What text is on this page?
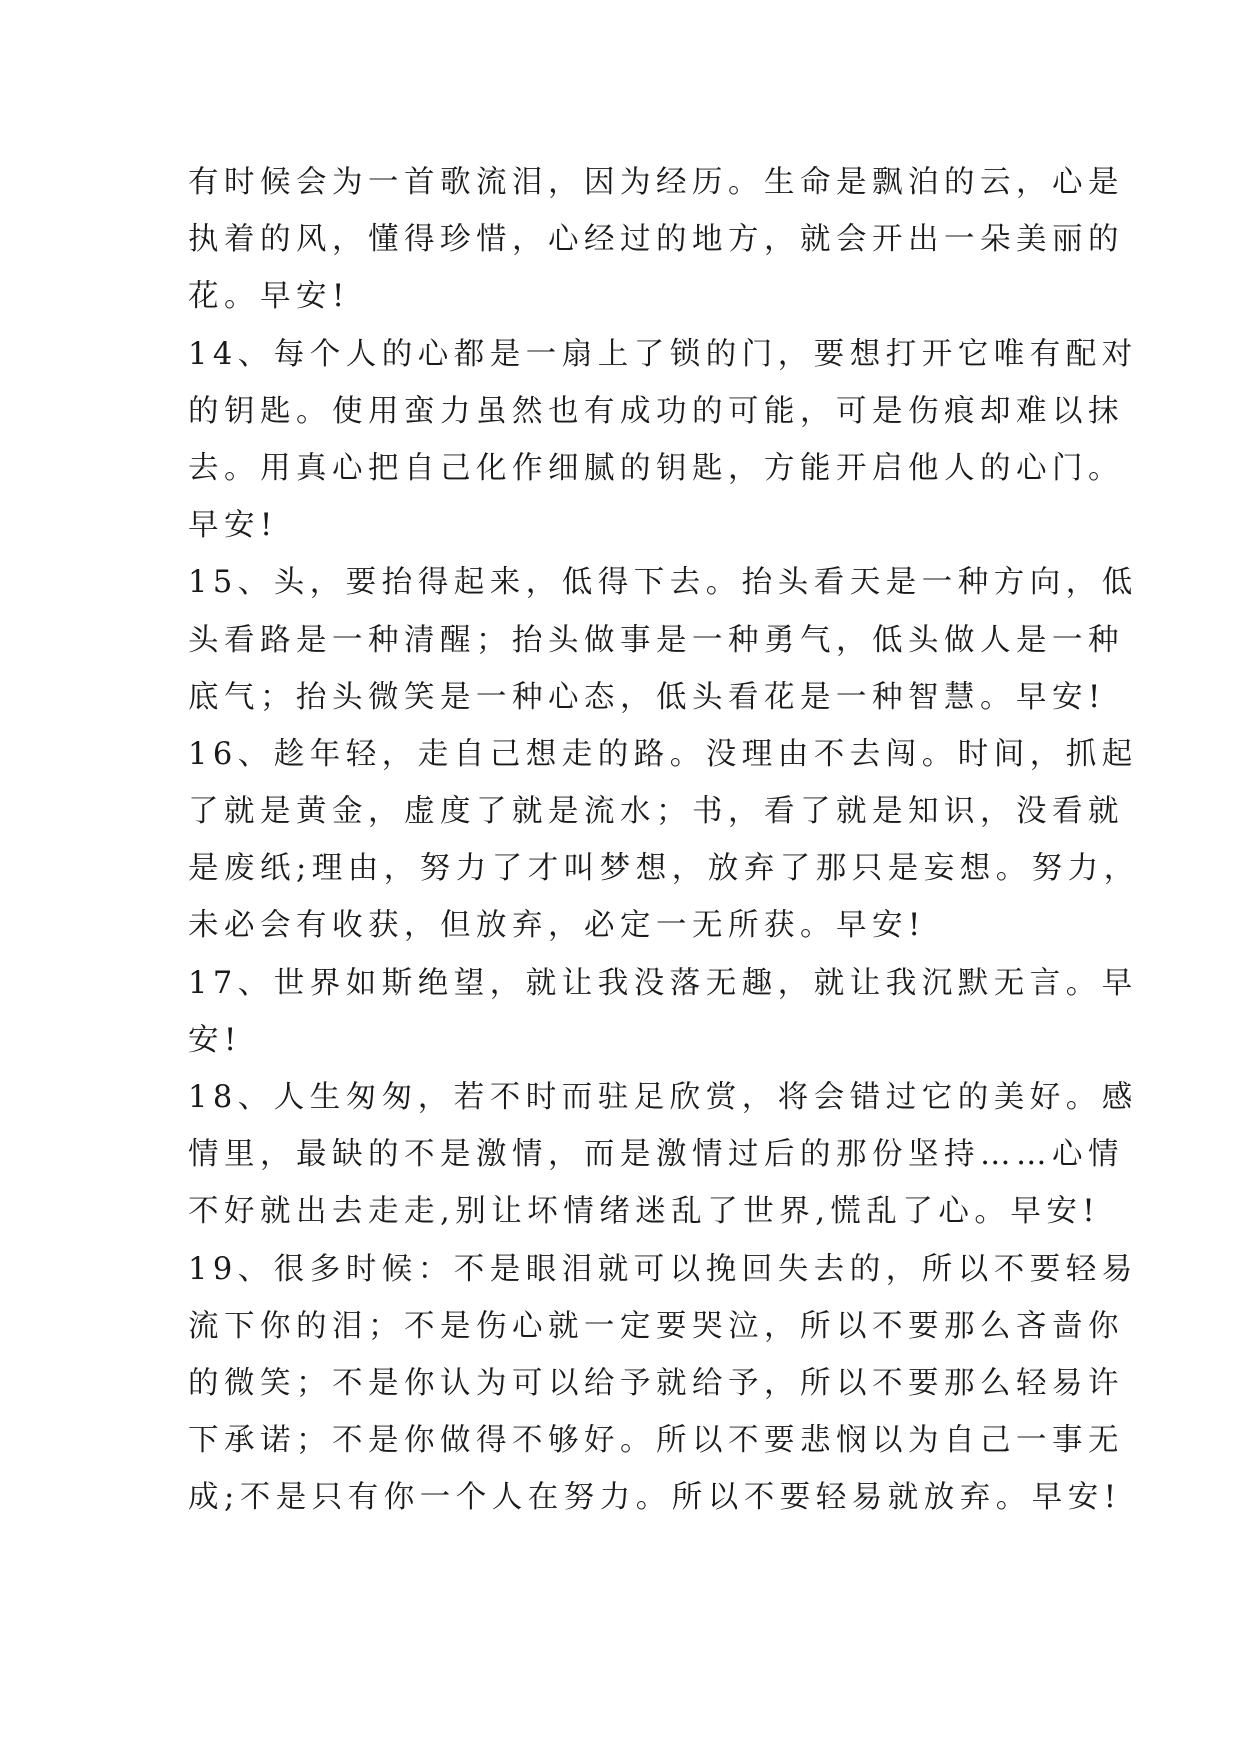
有时候会为一首歌流泪，因为经历。生命是飘泊的云，心是
执着的风，懂得珍惜，心经过的地方，就会开出一朵美丽的
花。早安!
14、每个人的心都是一扇上了锁的门，要想打开它唯有配对
的钥匙。使用蛮力虽然也有成功的可能，可是伤痕却难以抹
去。用真心把自己化作细腻的钥匙，方能开启他人的心门。
早安!
15、头，要抬得起来，低得下去。抬头看天是一种方向，低
头看路是一种清醒；抬头做事是一种勇气，低头做人是一种
底气；抬头微笑是一种心态，低头看花是一种智慧。早安!
16、趁年轻，走自己想走的路。没理由不去闯。时间，抓起
了就是黄金，虚度了就是流水；书，看了就是知识，没看就
是废纸;理由，努力了才叫梦想，放弃了那只是妄想。努力，
未必会有收获，但放弃，必定一无所获。早安!
17、世界如斯绝望，就让我没落无趣，就让我沉默无言。早
安!
18、人生匆匆，若不时而驻足欣赏，将会错过它的美好。感
情里，最缺的不是激情，而是激情过后的那份坚持……心情
不好就出去走走,别让坏情绪迷乱了世界,慌乱了心。早安!
19、很多时候：不是眼泪就可以挽回失去的，所以不要轻易
流下你的泪；不是伤心就一定要哭泣，所以不要那么吝啬你
的微笑；不是你认为可以给予就给予，所以不要那么轻易许
下承诺；不是你做得不够好。所以不要悲悯以为自己一事无
成;不是只有你一个人在努力。所以不要轻易就放弃。早安!
